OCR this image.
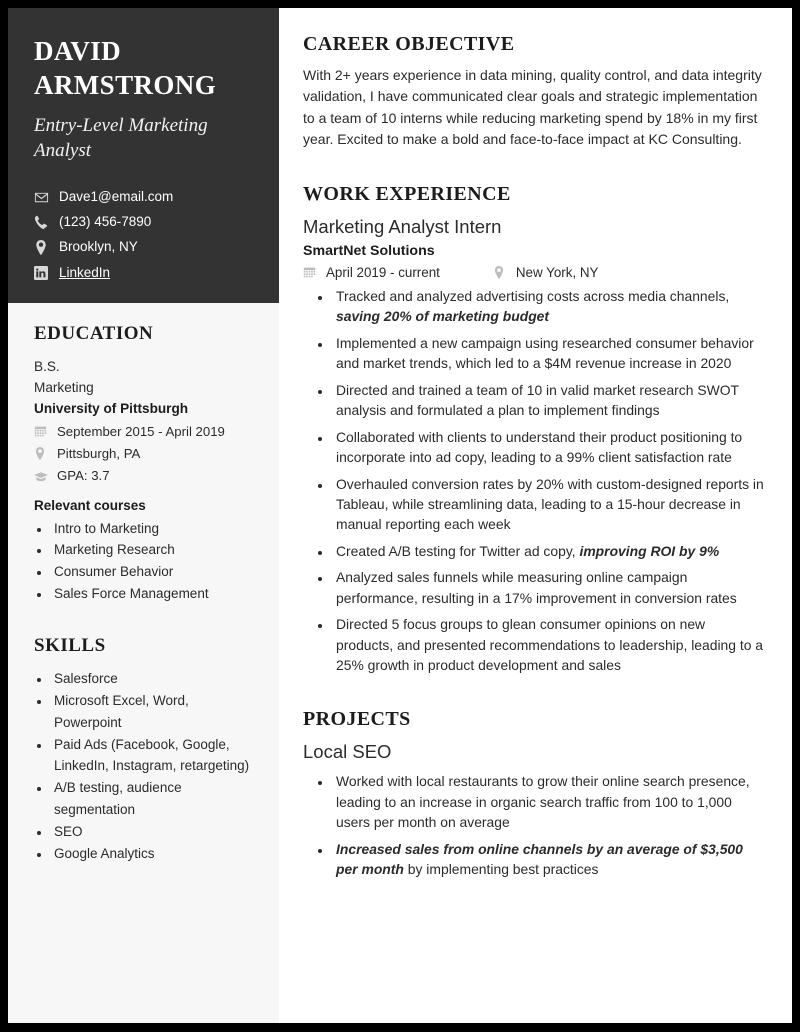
DAVID
ARMSTRONG
Entry-Level Marketing Analyst
Dave1@email.com
(123) 456-7890
Brooklyn, NY
LinkedIn
EDUCATION
B.S.
Marketing
University of Pittsburgh
September 2015 - April 2019
Pittsburgh, PA
GPA: 3.7
Relevant courses
• Intro to Marketing
• Marketing Research
• Consumer Behavior
• Sales Force Management
SKILLS
• Salesforce
• Microsoft Excel, Word, Powerpoint
• Paid Ads (Facebook, Google, LinkedIn, Instagram, retargeting)
• A/B testing, audience segmentation
• SEO
• Google Analytics
CAREER OBJECTIVE

With 2+ years experience in data mining, quality control, and data integrity validation, I have communicated clear goals and strategic implementation to a team of 10 interns while reducing marketing spend by 18% in my first year. Excited to make a bold and face-to-face impact at KC Consulting.

WORK EXPERIENCE
Marketing Analyst Intern
SmartNet Solutions
April 2019 - current	New York, NY
• Tracked and analyzed advertising costs across media channels, saving 20% of marketing budget
• Implemented a new campaign using researched consumer behavior and market trends, which led to a $4M revenue increase in 2020
• Directed and trained a team of 10 in valid market research SWOT analysis and formulated a plan to implement findings
• Collaborated with clients to understand their product positioning to incorporate into ad copy, leading to a 99% client satisfaction rate
• Overhauled conversion rates by 20% with custom-designed reports in Tableau, while streamlining data, leading to a 15-hour decrease in manual reporting each week
• Created A/B testing for Twitter ad copy, improving ROI by 9%
• Analyzed sales funnels while measuring online campaign performance, resulting in a 17% improvement in conversion rates
• Directed 5 focus groups to glean consumer opinions on new products, and presented recommendations to leadership, leading to a 25% growth in product development and sales
PROJECTS
Local SEO
• Worked with local restaurants to grow their online search presence, leading to an increase in organic search traffic from 100 to 1,000 users per month on average
• Increased sales from online channels by an average of $3,500 per month by implementing best practices
